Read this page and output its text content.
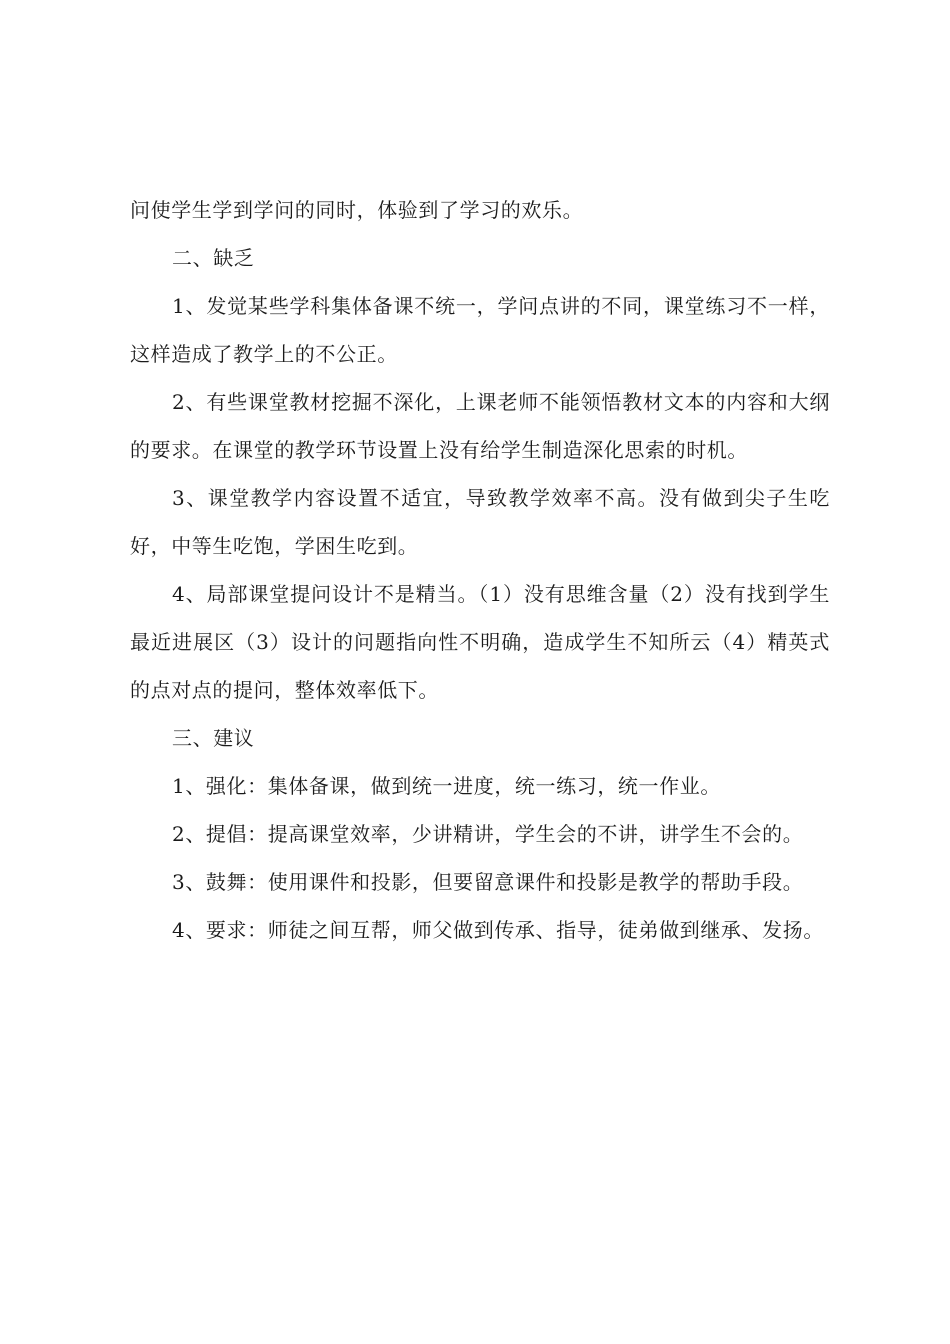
问使学生学到学问的同时，体验到了学习的欢乐。

二、缺乏

1、发觉某些学科集体备课不统一，学问点讲的不同，课堂练习不一样，这样造成了教学上的不公正。

2、有些课堂教材挖掘不深化，上课老师不能领悟教材文本的内容和大纲的要求。在课堂的教学环节设置上没有给学生制造深化思索的时机。

3、课堂教学内容设置不适宜，导致教学效率不高。没有做到尖子生吃好，中等生吃饱，学困生吃到。

4、局部课堂提问设计不是精当。（1）没有思维含量（2）没有找到学生最近进展区（3）设计的问题指向性不明确，造成学生不知所云（4）精英式的点对点的提问，整体效率低下。

三、建议

1、强化：集体备课，做到统一进度，统一练习，统一作业。

2、提倡：提高课堂效率，少讲精讲，学生会的不讲，讲学生不会的。

3、鼓舞：使用课件和投影，但要留意课件和投影是教学的帮助手段。

4、要求：师徒之间互帮，师父做到传承、指导，徒弟做到继承、发扬。
